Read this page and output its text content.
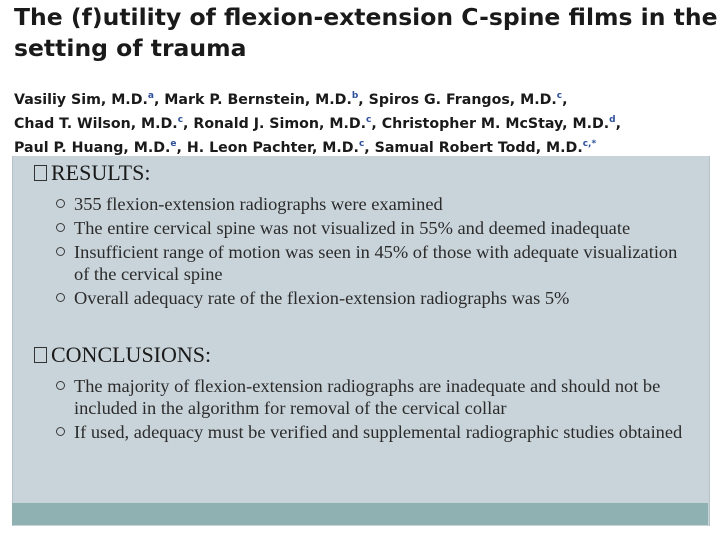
The (f)utility of flexion-extension C-spine films in the setting of trauma
Vasiliy Sim, M.D.$^a$, Mark P. Bernstein, M.D.$^b$, Spiros G. Frangos, M.D.$^c$,
Chad T. Wilson, M.D.$^c$, Ronald J. Simon, M.D.$^c$, Christopher M. McStay, M.D.$^d$,
Paul P. Huang, M.D.$^e$, H. Leon Pachter, M.D.$^c$, Samual Robert Todd, M.D.$^{c,*}$
RESULTS:
355 flexion-extension radiographs were examined
The entire cervical spine was not visualized in 55% and deemed inadequate
Insufficient range of motion was seen in 45% of those with adequate visualization of the cervical spine
Overall adequacy rate of the flexion-extension radiographs was 5%
CONCLUSIONS:
The majority of flexion-extension radiographs are inadequate and should not be included in the algorithm for removal of the cervical collar
If used, adequacy must be verified and supplemental radiographic studies obtained
